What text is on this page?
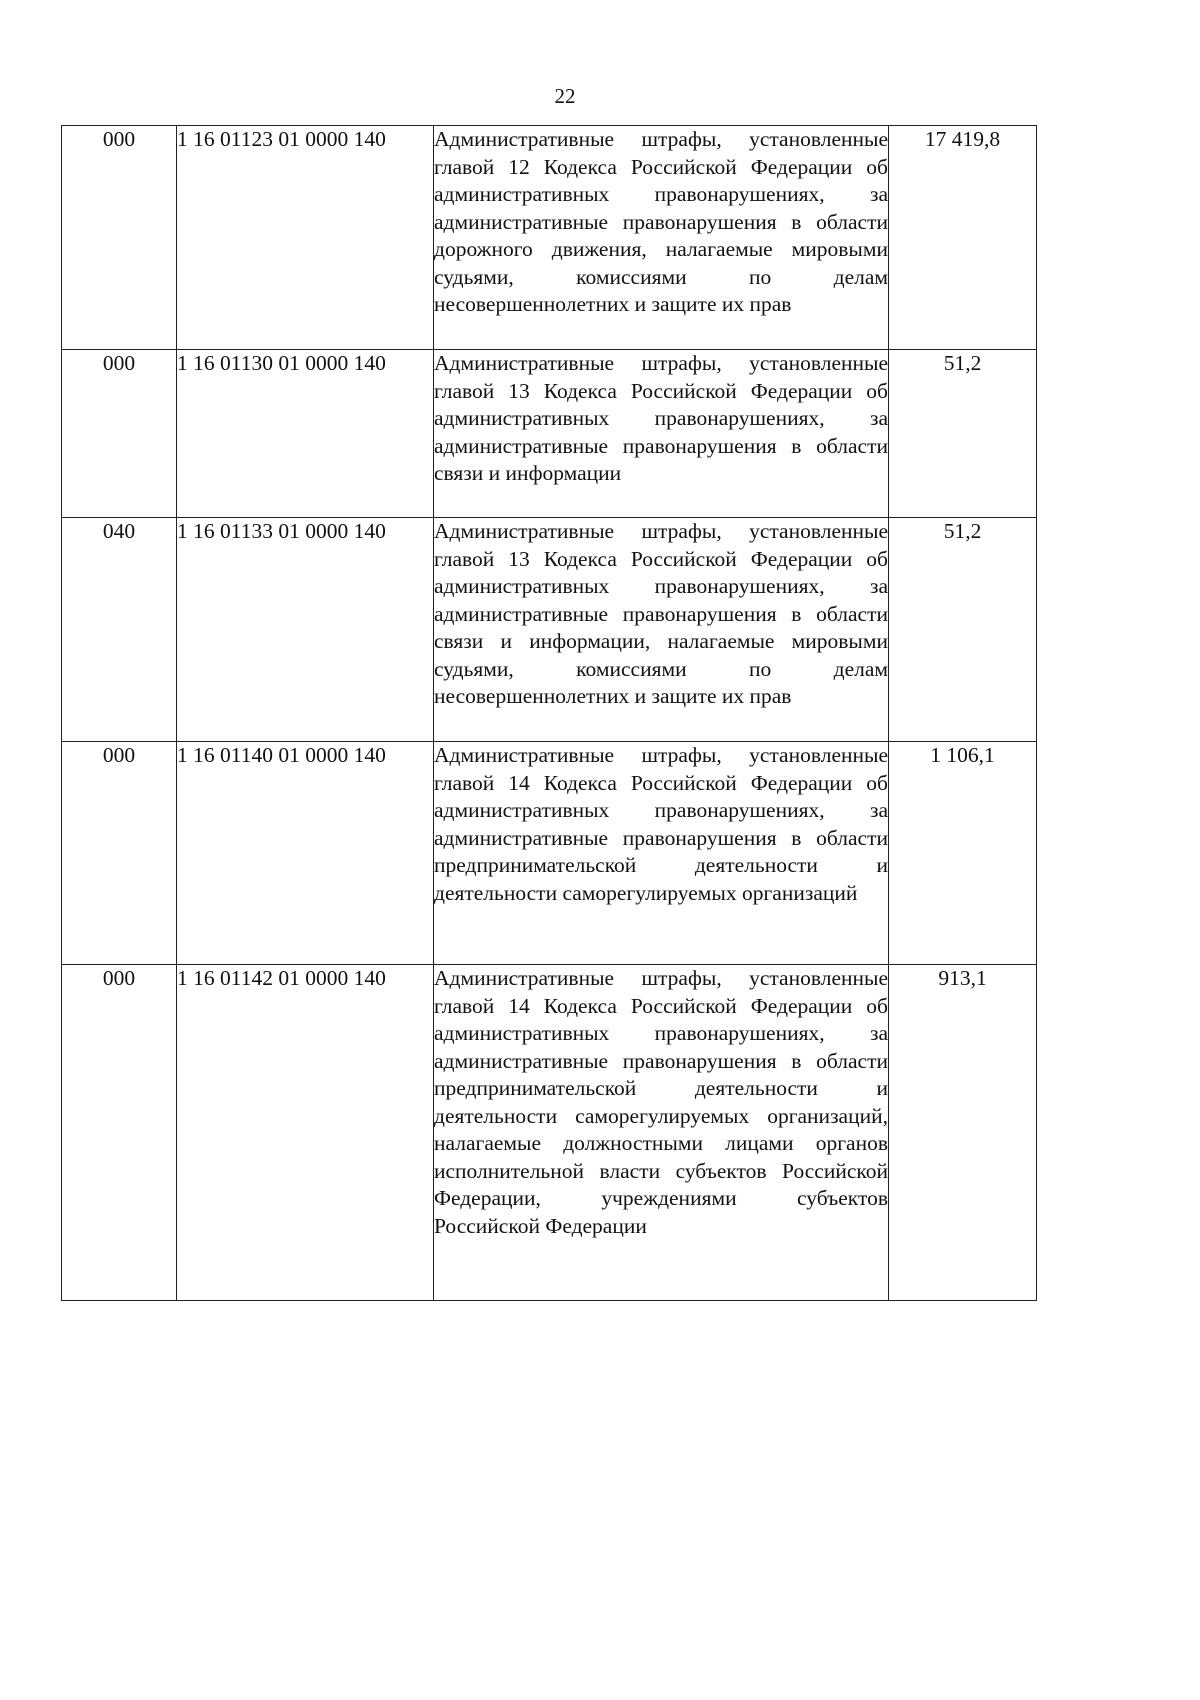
22
000	1 16 01123 01 0000 140	Административные штрафы, установленные главой 12 Кодекса Российской Федерации об административных правонарушениях, за административные правонарушения в области дорожного движения, налагаемые мировыми судьями, комиссиями по делам несовершеннолетних и защите их прав	17 419,8
000	1 16 01130 01 0000 140	Административные штрафы, установленные главой 13 Кодекса Российской Федерации об административных правонарушениях, за административные правонарушения в области связи и информации	51,2
040	1 16 01133 01 0000 140	Административные штрафы, установленные главой 13 Кодекса Российской Федерации об административных правонарушениях, за административные правонарушения в области связи и информации, налагаемые мировыми судьями, комиссиями по делам несовершеннолетних и защите их прав	51,2
000	1 16 01140 01 0000 140	Административные штрафы, установленные главой 14 Кодекса Российской Федерации об административных правонарушениях, за административные правонарушения в области предпринимательской деятельности и деятельности саморегулируемых организаций	1 106,1
000	1 16 01142 01 0000 140	Административные штрафы, установленные главой 14 Кодекса Российской Федерации об административных правонарушениях, за административные правонарушения в области предпринимательской деятельности и деятельности саморегулируемых организаций, налагаемые должностными лицами органов исполнительной власти субъектов Российской Федерации, учреждениями субъектов Российской Федерации	913,1
